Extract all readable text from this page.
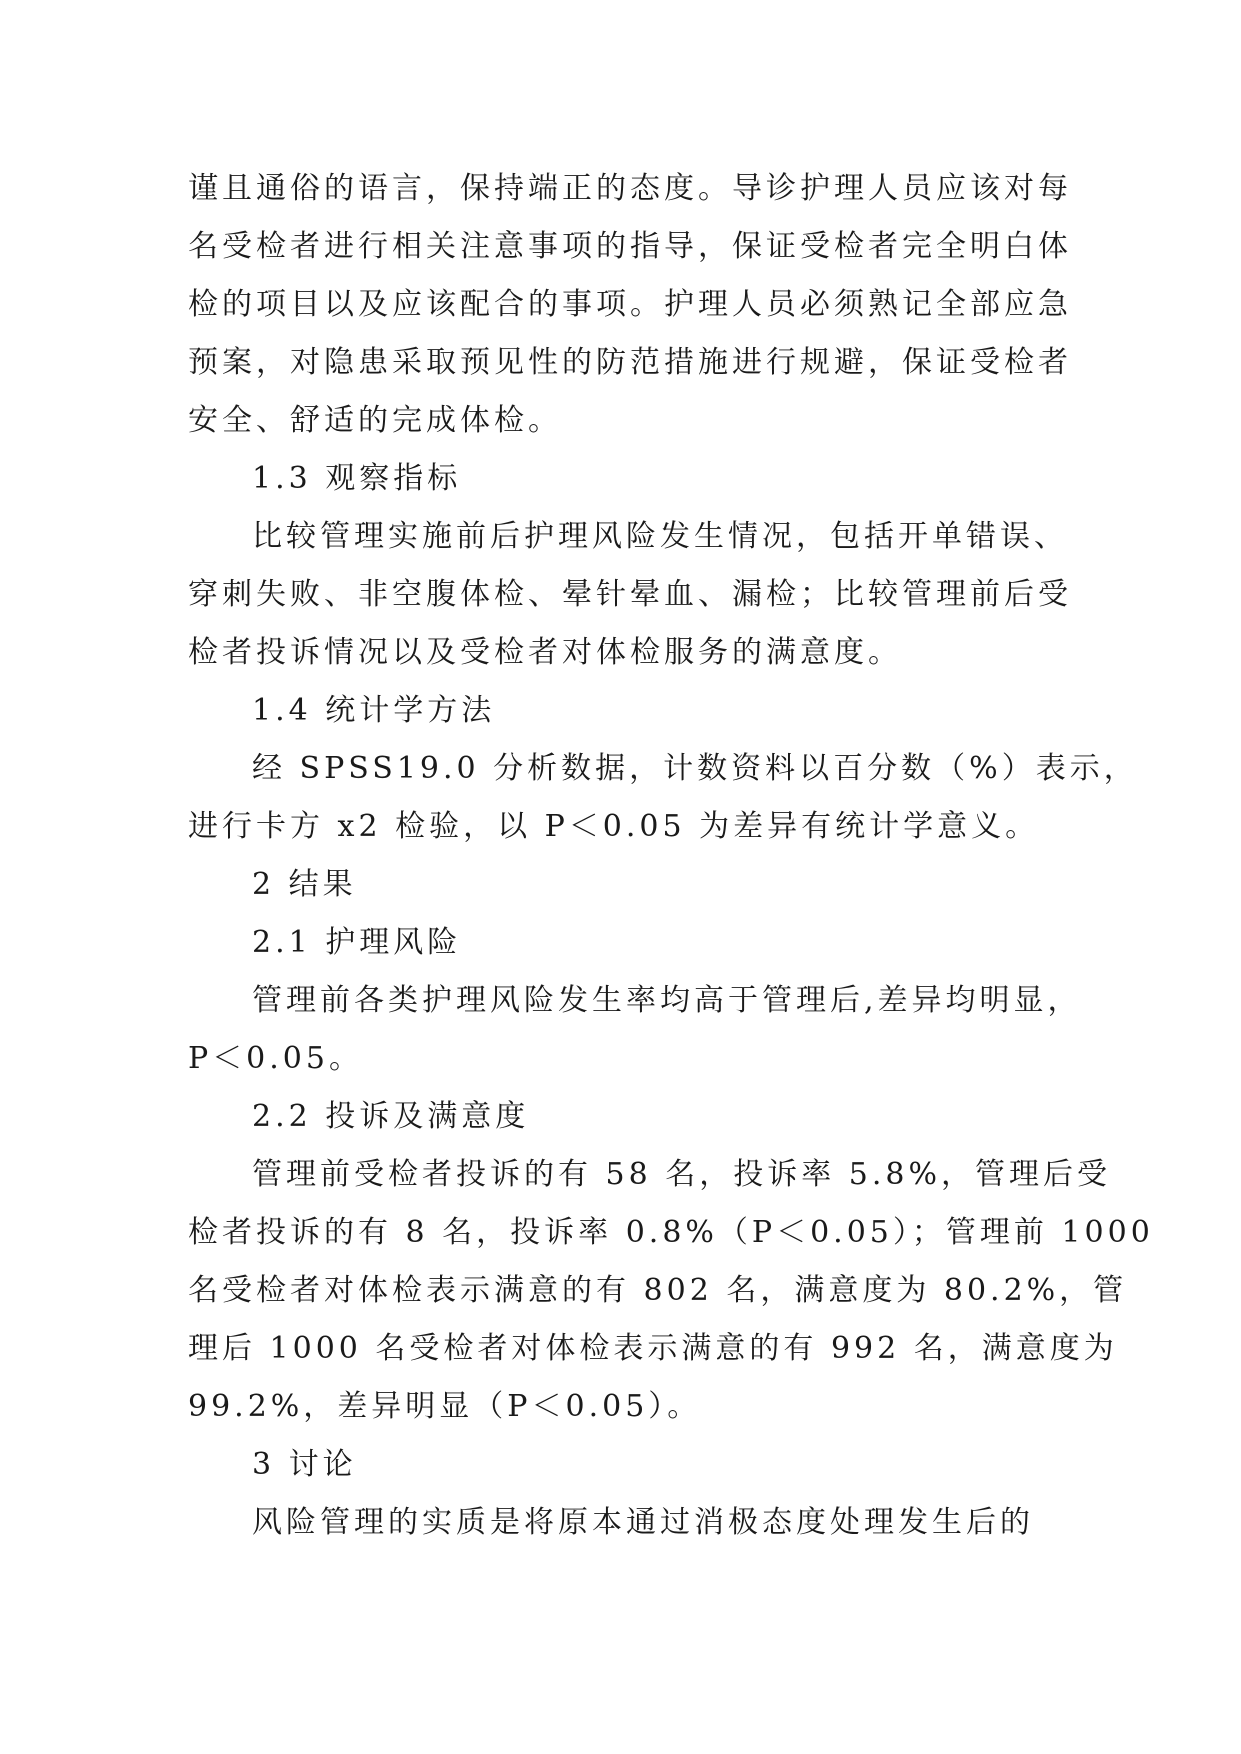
谨且通俗的语言，保持端正的态度。导诊护理人员应该对每

名受检者进行相关注意事项的指导，保证受检者完全明白体

检的项目以及应该配合的事项。护理人员必须熟记全部应急

预案，对隐患采取预见性的防范措施进行规避，保证受检者

安全、舒适的完成体检。

1.3 观察指标

比较管理实施前后护理风险发生情况，包括开单错误、

穿刺失败、非空腹体检、晕针晕血、漏检；比较管理前后受

检者投诉情况以及受检者对体检服务的满意度。

1.4 统计学方法

经 SPSS19.0 分析数据，计数资料以百分数（%）表示，

进行卡方 x2 检验，以 P＜0.05 为差异有统计学意义。

2 结果

2.1 护理风险

管理前各类护理风险发生率均高于管理后,差异均明显，

P＜0.05。

2.2 投诉及满意度

管理前受检者投诉的有 58 名，投诉率 5.8%，管理后受

检者投诉的有 8 名，投诉率 0.8%（P＜0.05）；管理前 1000

名受检者对体检表示满意的有 802 名，满意度为 80.2%，管

理后 1000 名受检者对体检表示满意的有 992 名，满意度为

99.2%，差异明显（P＜0.05）。

3 讨论

风险管理的实质是将原本通过消极态度处理发生后的
